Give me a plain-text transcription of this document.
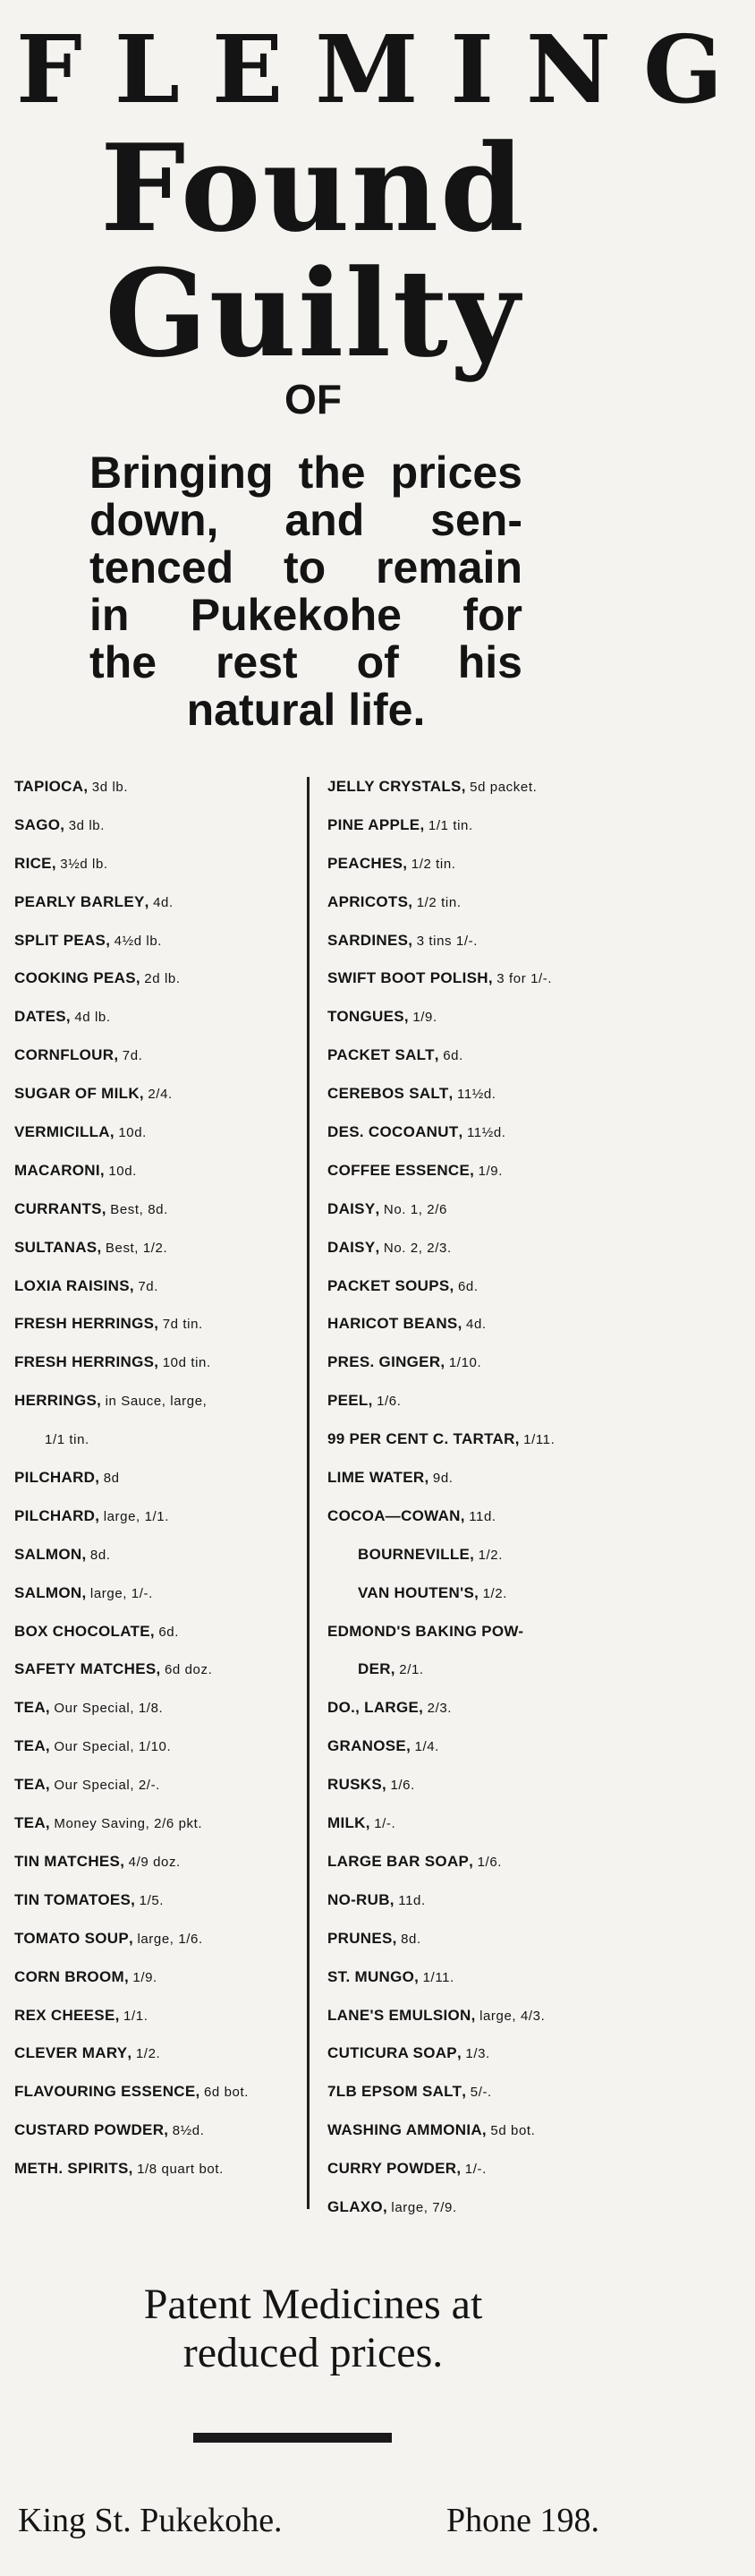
FLEMING
Found
Guilty
OF
Bringing the prices
down, and sen-
tenced to remain
in Pukekohe for
the rest of his
natural life.
TAPIOCA, 3d lb.
SAGO, 3d lb.
RICE, 3½d lb.
PEARLY BARLEY, 4d.
SPLIT PEAS, 4½d lb.
COOKING PEAS, 2d lb.
DATES, 4d lb.
CORNFLOUR, 7d.
SUGAR OF MILK, 2/4.
VERMICILLA, 10d.
MACARONI, 10d.
CURRANTS, Best, 8d.
SULTANAS, Best, 1/2.
LOXIA RAISINS, 7d.
FRESH HERRINGS, 7d tin.
FRESH HERRINGS, 10d tin.
HERRINGS, in Sauce, large,
1/1 tin.
PILCHARD, 8d
PILCHARD, large, 1/1.
SALMON, 8d.
SALMON, large, 1/-.
BOX CHOCOLATE, 6d.
SAFETY MATCHES, 6d doz.
TEA, Our Special, 1/8.
TEA, Our Special, 1/10.
TEA, Our Special, 2/-.
TEA, Money Saving, 2/6 pkt.
TIN MATCHES, 4/9 doz.
TIN TOMATOES, 1/5.
TOMATO SOUP, large, 1/6.
CORN BROOM, 1/9.
REX CHEESE, 1/1.
CLEVER MARY, 1/2.
FLAVOURING ESSENCE, 6d bot.
CUSTARD POWDER, 8½d.
METH. SPIRITS, 1/8 quart bot.
JELLY CRYSTALS, 5d packet.
PINE APPLE, 1/1 tin.
PEACHES, 1/2 tin.
APRICOTS, 1/2 tin.
SARDINES, 3 tins 1/-.
SWIFT BOOT POLISH, 3 for 1/-.
TONGUES, 1/9.
PACKET SALT, 6d.
CEREBOS SALT, 11½d.
DES. COCOANUT, 11½d.
COFFEE ESSENCE, 1/9.
DAISY, No. 1, 2/6
DAISY, No. 2, 2/3.
PACKET SOUPS, 6d.
HARICOT BEANS, 4d.
PRES. GINGER, 1/10.
PEEL, 1/6.
99 PER CENT C. TARTAR, 1/11.
LIME WATER, 9d.
COCOA—COWAN, 11d.
BOURNEVILLE, 1/2.
VAN HOUTEN'S, 1/2.
EDMOND'S BAKING POW-
DER, 2/1.
DO., LARGE, 2/3.
GRANOSE, 1/4.
RUSKS, 1/6.
MILK, 1/-.
LARGE BAR SOAP, 1/6.
NO-RUB, 11d.
PRUNES, 8d.
ST. MUNGO, 1/11.
LANE'S EMULSION, large, 4/3.
CUTICURA SOAP, 1/3.
7LB EPSOM SALT, 5/-.
WASHING AMMONIA, 5d bot.
CURRY POWDER, 1/-.
GLAXO, large, 7/9.
Patent Medicines at
reduced prices.
King St. Pukekohe.	Phone 198.
